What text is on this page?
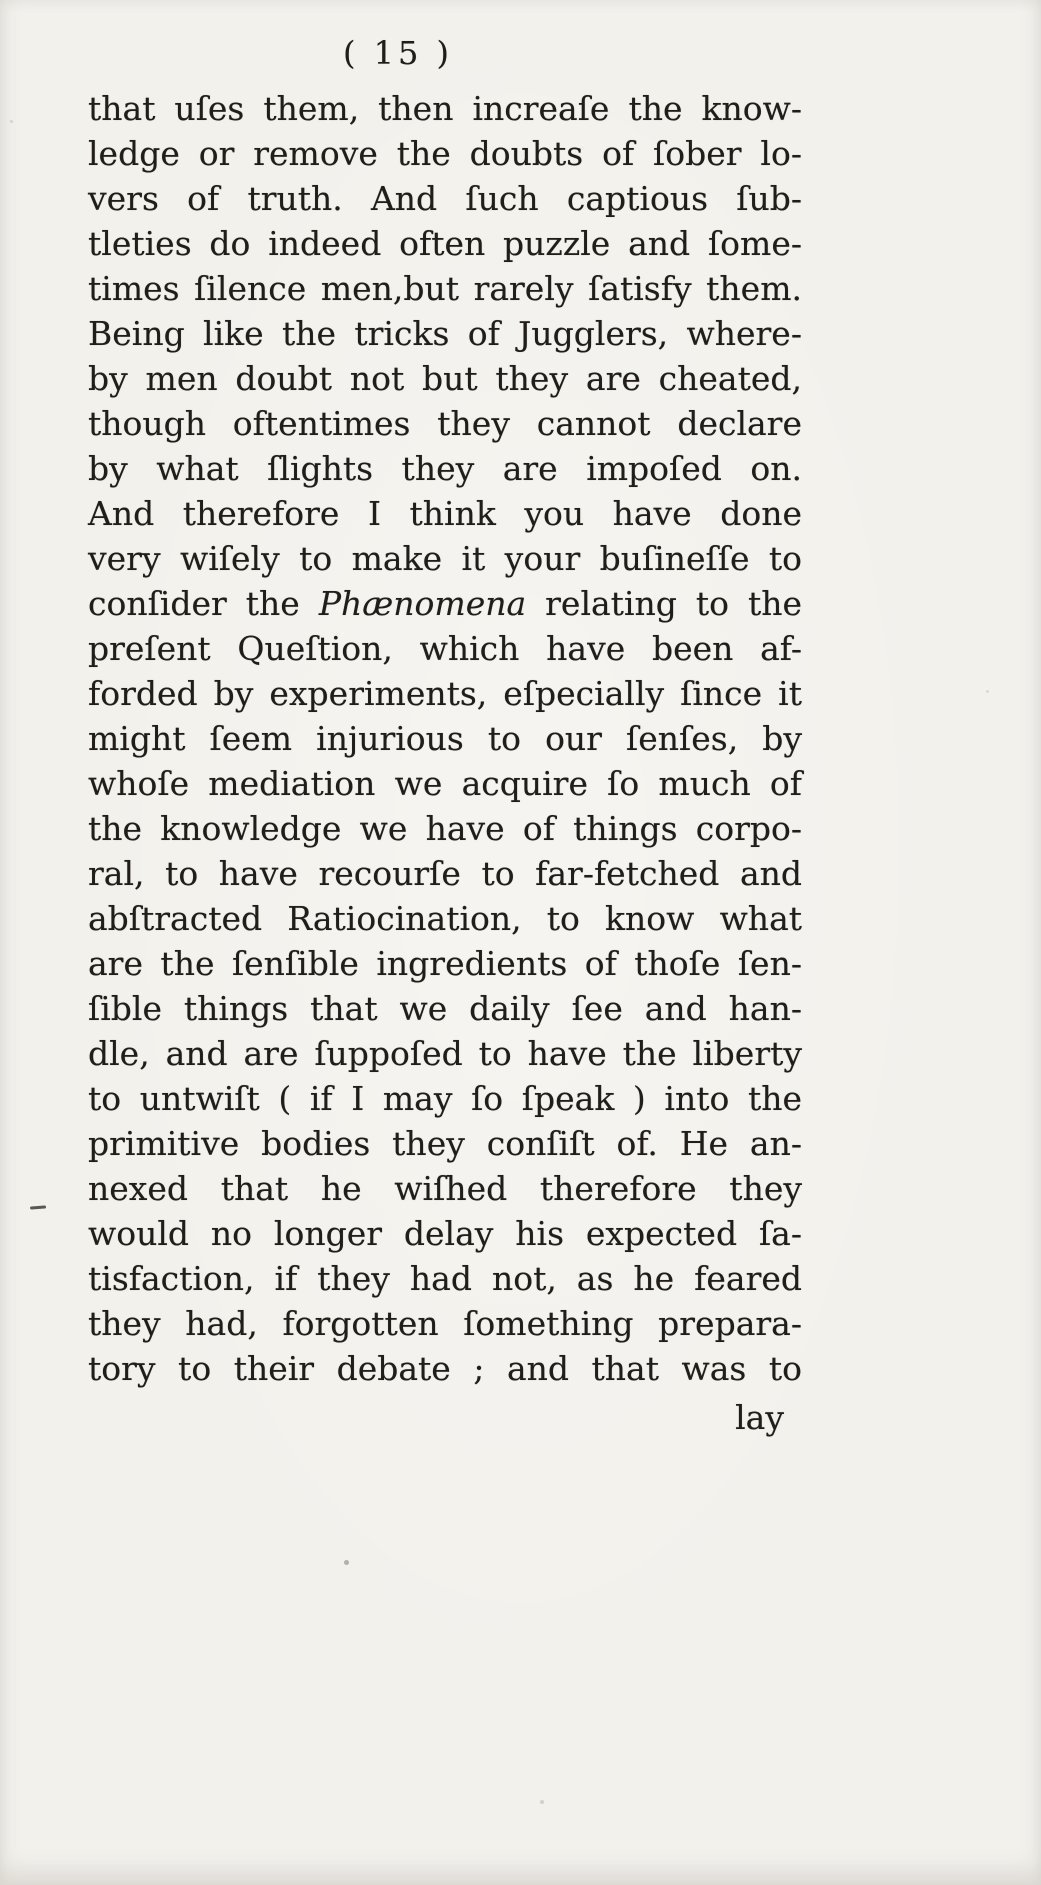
( 15 )
that uſes them, then increaſe the know-
ledge or remove the doubts of ſober lo-
vers of truth. And ſuch captious ſub-
tleties do indeed often puzzle and ſome-
times ſilence men,but rarely ſatisfy them.
Being like the tricks of Jugglers, where-
by men doubt not but they are cheated,
though oftentimes they cannot declare
by what ſlights they are impoſed on.
And therefore I think you have done
very wiſely to make it your buſineſſe to
conſider the Phænomena relating to the
preſent Queſtion, which have been af-
forded by experiments, eſpecially ſince it
might ſeem injurious to our ſenſes, by
whoſe mediation we acquire ſo much of
the knowledge we have of things corpo-
ral, to have recourſe to far-fetched and
abſtracted Ratiocination, to know what
are the ſenſible ingredients of thoſe ſen-
ſible things that we daily ſee and han-
dle, and are ſuppoſed to have the liberty
to untwiſt ( if I may ſo ſpeak ) into the
primitive bodies they conſiſt of. He an-
nexed that he wiſhed therefore they
would no longer delay his expected ſa-
tisfaction, if they had not, as he feared
they had, forgotten ſomething prepara-
tory to their debate ; and that was to
lay
